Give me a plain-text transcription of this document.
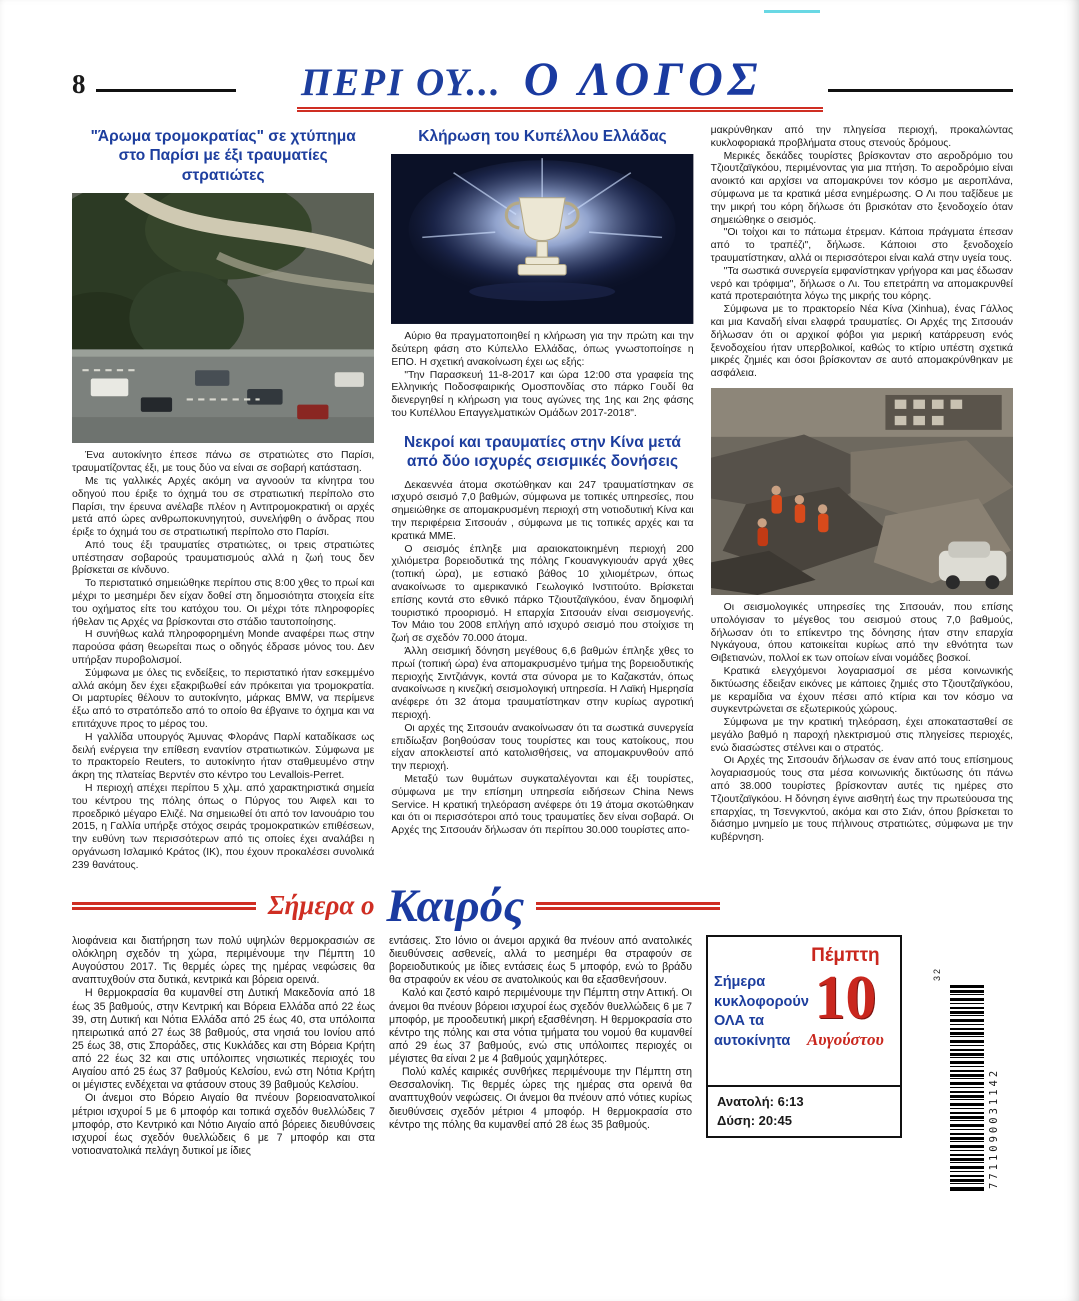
8	ΠΕΡΙ ΟΥ... Ο ΛΟΓΟΣ
"Άρωμα τρομοκρατίας" σε χτύπημα στο Παρίσι με έξι τραυματίες στρατιώτες

Ένα αυτοκίνητο έπεσε πάνω σε στρατιώτες στο Παρίσι, τραυματίζοντας έξι, με τους δύο να είναι σε σοβαρή κατάσταση.

Με τις γαλλικές Αρχές ακόμη να αγνοούν τα κίνητρα του οδηγού που έριξε το όχημά του σε στρατιωτική περίπολο στο Παρίσι, την έρευνα ανέλαβε πλέον η Αντιτρομοκρατική οι αρχές μετά από ώρες ανθρωποκυνηγητού, συνελήφθη ο άνδρας που έριξε το όχημά του σε στρατιωτική περίπολο στο Παρίσι.

Από τους έξι τραυματίες στρατιώτες, οι τρεις στρατιώτες υπέστησαν σοβαρούς τραυματισμούς αλλά η ζωή τους δεν βρίσκεται σε κίνδυνο.

Το περιστατικό σημειώθηκε περίπου στις 8:00 χθες το πρωί και μέχρι το μεσημέρι δεν είχαν δοθεί στη δημοσιότητα στοιχεία είτε του οχήματος είτε του κατόχου του. Οι μέχρι τότε πληροφορίες ήθελαν τις Αρχές να βρίσκονται στο στάδιο ταυτοποίησης.

Η συνήθως καλά πληροφορημένη Monde αναφέρει πως στην παρούσα φάση θεωρείται πως ο οδηγός έδρασε μόνος του. Δεν υπήρξαν πυροβολισμοί.

Σύμφωνα με όλες τις ενδείξεις, το περιστατικό ήταν εσκεμμένο αλλά ακόμη δεν έχει εξακριβωθεί εάν πρόκειται για τρομοκρατία. Οι μαρτυρίες θέλουν το αυτοκίνητο, μάρκας BMW, να περίμενε έξω από το στρατόπεδο από το οποίο θα έβγαινε το όχημα και να επιτάχυνε προς το μέρος του.

Η γαλλίδα υπουργός Άμυνας Φλοράνς Παρλί καταδίκασε ως δειλή ενέργεια την επίθεση εναντίον στρατιωτικών. Σύμφωνα με το πρακτορείο Reuters, το αυτοκίνητο ήταν σταθμευμένο στην άκρη της πλατείας Βερντέν στο κέντρο του Levallois-Perret.

Η περιοχή απέχει περίπου 5 χλμ. από χαρακτηριστικά σημεία του κέντρου της πόλης όπως ο Πύργος του Άιφελ και το προεδρικό μέγαρο Ελιζέ. Να σημειωθεί ότι από τον Ιανουάριο του 2015, η Γαλλία υπήρξε στόχος σειράς τρομοκρατικών επιθέσεων, την ευθύνη των περισσότερων από τις οποίες έχει αναλάβει η οργάνωση Ισλαμικό Κράτος (ΙΚ), που έχουν προκαλέσει συνολικά 239 θανάτους.

Κλήρωση του Κυπέλλου Ελλάδας

Αύριο θα πραγματοποιηθεί η κλήρωση για την πρώτη και την δεύτερη φάση στο Κύπελλο Ελλάδας, όπως γνωστοποίησε η ΕΠΟ. Η σχετική ανακοίνωση έχει ως εξής:

"Την Παρασκευή 11-8-2017 και ώρα 12:00 στα γραφεία της Ελληνικής Ποδοσφαιρικής Ομοσπονδίας στο πάρκο Γουδί θα διενεργηθεί η κλήρωση για τους αγώνες της 1ης και 2ης φάσης του Κυπέλλου Επαγγελματικών Ομάδων 2017-2018".

Νεκροί και τραυματίες στην Κίνα μετά από δύο ισχυρές σεισμικές δονήσεις

Δεκαεννέα άτομα σκοτώθηκαν και 247 τραυματίστηκαν σε ισχυρό σεισμό 7,0 βαθμών, σύμφωνα με τοπικές υπηρεσίες, που σημειώθηκε σε απομακρυσμένη περιοχή στη νοτιοδυτική Κίνα και την περιφέρεια Σιτσουάν , σύμφωνα με τις τοπικές αρχές και τα κρατικά ΜΜΕ.

Ο σεισμός έπληξε μια αραιοκατοικημένη περιοχή 200 χιλιόμετρα βορειοδυτικά της πόλης Γκουανγκγιουάν αργά χθες (τοπική ώρα), με εστιακό βάθος 10 χιλιομέτρων, όπως ανακοίνωσε το αμερικανικό Γεωλογικό Ινστιτούτο. Βρίσκεται επίσης κοντά στο εθνικό πάρκο Τζιουτζαϊγκόου, έναν δημοφιλή τουριστικό προορισμό. Η επαρχία Σιτσουάν είναι σεισμογενής. Τον Μάιο του 2008 επλήγη από ισχυρό σεισμό που στοίχισε τη ζωή σε σχεδόν 70.000 άτομα.

Άλλη σεισμική δόνηση μεγέθους 6,6 βαθμών έπληξε χθες το πρωί (τοπική ώρα) ένα απομακρυσμένο τμήμα της βορειοδυτικής περιοχής Σιντζιάνγκ, κοντά στα σύνορα με το Καζακστάν, όπως ανακοίνωσε η κινεζική σεισμολογική υπηρεσία. Η Λαϊκή Ημερησία ανέφερε ότι 32 άτομα τραυματίστηκαν στην κυρίως αγροτική περιοχή.

Οι αρχές της Σιτσουάν ανακοίνωσαν ότι τα σωστικά συνεργεία επιδίωξαν βοηθούσαν τους τουρίστες και τους κατοίκους, που είχαν αποκλειστεί από κατολισθήσεις, να απομακρυνθούν από την περιοχή.

Μεταξύ των θυμάτων συγκαταλέγονται και έξι τουρίστες, σύμφωνα με την επίσημη υπηρεσία ειδήσεων China News Service. Η κρατική τηλεόραση ανέφερε ότι 19 άτομα σκοτώθηκαν και ότι οι περισσότεροι από τους τραυματίες δεν είναι σοβαρά. Οι Αρχές της Σιτσουάν δήλωσαν ότι περίπου 30.000 τουρίστες απο-

μακρύνθηκαν από την πληγείσα περιοχή, προκαλώντας κυκλοφοριακά προβλήματα στους στενούς δρόμους.

Μερικές δεκάδες τουρίστες βρίσκονταν στο αεροδρόμιο του Τζιουτζαϊγκόου, περιμένοντας για μια πτήση. Το αεροδρόμιο είναι ανοικτό και αρχίσει να απομακρύνει τον κόσμο με αεροπλάνα, σύμφωνα με τα κρατικά μέσα ενημέρωσης. Ο Λι που ταξίδευε με την μικρή του κόρη δήλωσε ότι βρισκόταν στο ξενοδοχείο όταν σημειώθηκε ο σεισμός.

"Οι τοίχοι και το πάτωμα έτρεμαν. Κάποια πράγματα έπεσαν από το τραπέζι", δήλωσε. Κάποιοι στο ξενοδοχείο τραυματίστηκαν, αλλά οι περισσότεροι είναι καλά στην υγεία τους.

"Τα σωστικά συνεργεία εμφανίστηκαν γρήγορα και μας έδωσαν νερό και τρόφιμα", δήλωσε ο Λι. Του επετράπη να απομακρυνθεί κατά προτεραιότητα λόγω της μικρής του κόρης.

Σύμφωνα με το πρακτορείο Νέα Κίνα (Xinhua), ένας Γάλλος και μια Καναδή είναι ελαφρά τραυματίες. Οι Αρχές της Σιτσουάν δήλωσαν ότι οι αρχικοί φόβοι για μερική κατάρρευση ενός ξενοδοχείου ήταν υπερβολικοί, καθώς το κτίριο υπέστη σχετικά μικρές ζημιές και όσοι βρίσκονταν σε αυτό απομακρύνθηκαν με ασφάλεια.

Οι σεισμολογικές υπηρεσίες της Σιτσουάν, που επίσης υπολόγισαν το μέγεθος του σεισμού στους 7,0 βαθμούς, δήλωσαν ότι το επίκεντρο της δόνησης ήταν στην επαρχία Νγκάγουα, όπου κατοικείται κυρίως από την εθνότητα των Θιβετιανών, πολλοί εκ των οποίων είναι νομάδες βοσκοί.

Κρατικά ελεγχόμενοι λογαριασμοί σε μέσα κοινωνικής δικτύωσης έδειξαν εικόνες με κάποιες ζημιές στο Τζιουτζαϊγκόου, με κεραμίδια να έχουν πέσει από κτίρια και τον κόσμο να συγκεντρώνεται σε εξωτερικούς χώρους.

Σύμφωνα με την κρατική τηλεόραση, έχει αποκατασταθεί σε μεγάλο βαθμό η παροχή ηλεκτρισμού στις πληγείσες περιοχές, ενώ διασώστες στέλνει και ο στρατός.

Οι Αρχές της Σιτσουάν δήλωσαν σε έναν από τους επίσημους λογαριασμούς τους στα μέσα κοινωνικής δικτύωσης ότι πάνω από 38.000 τουρίστες βρίσκονταν αυτές τις ημέρες στο Τζιουτζαϊγκόου. Η δόνηση έγινε αισθητή έως την πρωτεύουσα της επαρχίας, τη Τσενγκντού, ακόμα και στο Σιάν, όπου βρίσκεται το διάσημο μνημείο με τους πήλινους στρατιώτες, σύμφωνα με την κυβέρνηση.

Σήμερα ο Καιρός

λιοφάνεια και διατήρηση των πολύ υψηλών θερμοκρασιών σε ολόκληρη σχεδόν τη χώρα, περιμένουμε την Πέμπτη 10 Αυγούστου 2017. Τις θερμές ώρες της ημέρας νεφώσεις θα αναπτυχθούν στα δυτικά, κεντρικά και βόρεια ορεινά.

Η θερμοκρασία θα κυμανθεί στη Δυτική Μακεδονία από 18 έως 35 βαθμούς, στην Κεντρική και Βόρεια Ελλάδα από 22 έως 39, στη Δυτική και Νότια Ελλάδα από 25 έως 40, στα υπόλοιπα ηπειρωτικά από 27 έως 38 βαθμούς, στα νησιά του Ιονίου από 25 έως 38, στις Σποράδες, στις Κυκλάδες και στη Βόρεια Κρήτη από 22 έως 32 και στις υπόλοιπες νησιωτικές περιοχές του Αιγαίου από 25 έως 37 βαθμούς Κελσίου, ενώ στη Νότια Κρήτη οι μέγιστες ενδέχεται να φτάσουν στους 39 βαθμούς Κελσίου.

Οι άνεμοι στο Βόρειο Αιγαίο θα πνέουν βορειοανατολικοί μέτριοι ισχυροί 5 με 6 μποφόρ και τοπικά σχεδόν θυελλώδεις 7 μποφόρ, στο Κεντρικό και Νότιο Αιγαίο από βόρειες διευθύνσεις ισχυροί έως σχεδόν θυελλώδεις 6 με 7 μποφόρ και στα νοτιοανατολικά πελάγη δυτικοί με ίδιες

εντάσεις. Στο Ιόνιο οι άνεμοι αρχικά θα πνέουν από ανατολικές διευθύνσεις ασθενείς, αλλά το μεσημέρι θα στραφούν σε βορειοδυτικούς με ίδιες εντάσεις έως 5 μποφόρ, ενώ το βράδυ θα στραφούν εκ νέου σε ανατολικούς και θα εξασθενήσουν.

Καλό και ζεστό καιρό περιμένουμε την Πέμπτη στην Αττική. Οι άνεμοι θα πνέουν βόρειοι ισχυροί έως σχεδόν θυελλώδεις 6 με 7 μποφόρ, με προοδευτική μικρή εξασθένηση. Η θερμοκρασία στο κέντρο της πόλης και στα νότια τμήματα του νομού θα κυμανθεί από 29 έως 37 βαθμούς, ενώ στις υπόλοιπες περιοχές οι μέγιστες θα είναι 2 με 4 βαθμούς χαμηλότερες.

Πολύ καλές καιρικές συνθήκες περιμένουμε την Πέμπτη στη Θεσσαλονίκη. Τις θερμές ώρες της ημέρας στα ορεινά θα αναπτυχθούν νεφώσεις. Οι άνεμοι θα πνέουν από νότιες κυρίως διευθύνσεις σχεδόν μέτριοι 4 μποφόρ. Η θερμοκρασία στο κέντρο της πόλης θα κυμανθεί από 28 έως 35 βαθμούς.

Σήμερα
κυκλοφορούν
ΟΛΑ τα
αυτοκίνητα
Πέμπτη
10
Αυγούστου
Ανατολή: 6:13
Δύση: 20:45
32
7711090031142
